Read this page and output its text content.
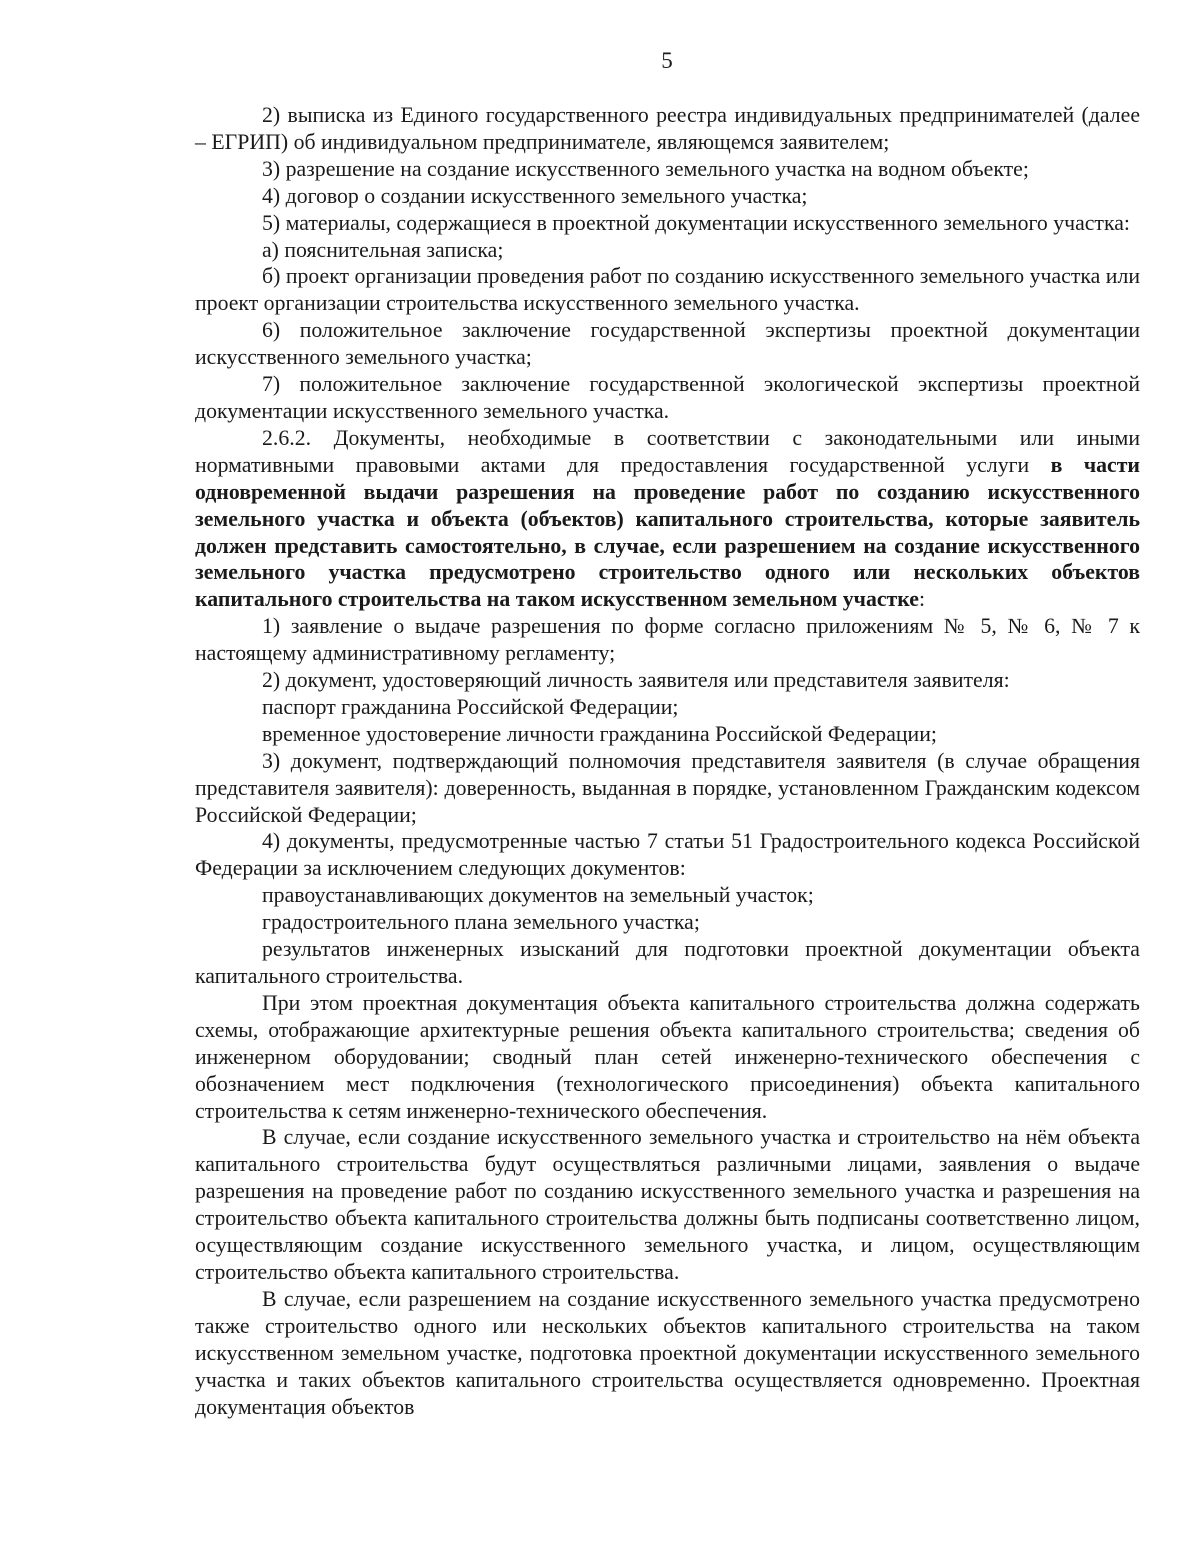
5

2) выписка из Единого государственного реестра индивидуальных предпринимателей (далее – ЕГРИП) об индивидуальном предпринимателе, являющемся заявителем;

3) разрешение на создание искусственного земельного участка на водном объекте;

4) договор о создании искусственного земельного участка;

5) материалы, содержащиеся в проектной документации искусственного земельного участка:

а) пояснительная записка;

б) проект организации проведения работ по созданию искусственного земельного участка или проект организации строительства искусственного земельного участка.

6) положительное заключение государственной экспертизы проектной документации искусственного земельного участка;

7) положительное заключение государственной экологической экспертизы проектной документации искусственного земельного участка.

2.6.2. Документы, необходимые в соответствии с законодательными или иными нормативными правовыми актами для предоставления государственной услуги в части одновременной выдачи разрешения на проведение работ по созданию искусственного земельного участка и объекта (объектов) капитального строительства, которые заявитель должен представить самостоятельно, в случае, если разрешением на создание искусственного земельного участка предусмотрено строительство одного или нескольких объектов капитального строительства на таком искусственном земельном участке:

1) заявление о выдаче разрешения по форме согласно приложениям № 5, № 6, № 7 к настоящему административному регламенту;

2) документ, удостоверяющий личность заявителя или представителя заявителя:

паспорт гражданина Российской Федерации;

временное удостоверение личности гражданина Российской Федерации;

3) документ, подтверждающий полномочия представителя заявителя (в случае обращения представителя заявителя): доверенность, выданная в порядке, установленном Гражданским кодексом Российской Федерации;

4) документы, предусмотренные частью 7 статьи 51 Градостроительного кодекса Российской Федерации за исключением следующих документов:

правоустанавливающих документов на земельный участок;

градостроительного плана земельного участка;

результатов инженерных изысканий для подготовки проектной документации объекта капитального строительства.

При этом проектная документация объекта капитального строительства должна содержать схемы, отображающие архитектурные решения объекта капитального строительства; сведения об инженерном оборудовании; сводный план сетей инженерно-технического обеспечения с обозначением мест подключения (технологического присоединения) объекта капитального строительства к сетям инженерно-технического обеспечения.

В случае, если создание искусственного земельного участка и строительство на нём объекта капитального строительства будут осуществляться различными лицами, заявления о выдаче разрешения на проведение работ по созданию искусственного земельного участка и разрешения на строительство объекта капитального строительства должны быть подписаны соответственно лицом, осуществляющим создание искусственного земельного участка, и лицом, осуществляющим строительство объекта капитального строительства.

В случае, если разрешением на создание искусственного земельного участка предусмотрено также строительство одного или нескольких объектов капитального строительства на таком искусственном земельном участке, подготовка проектной документации искусственного земельного участка и таких объектов капитального строительства осуществляется одновременно. Проектная документация объектов
